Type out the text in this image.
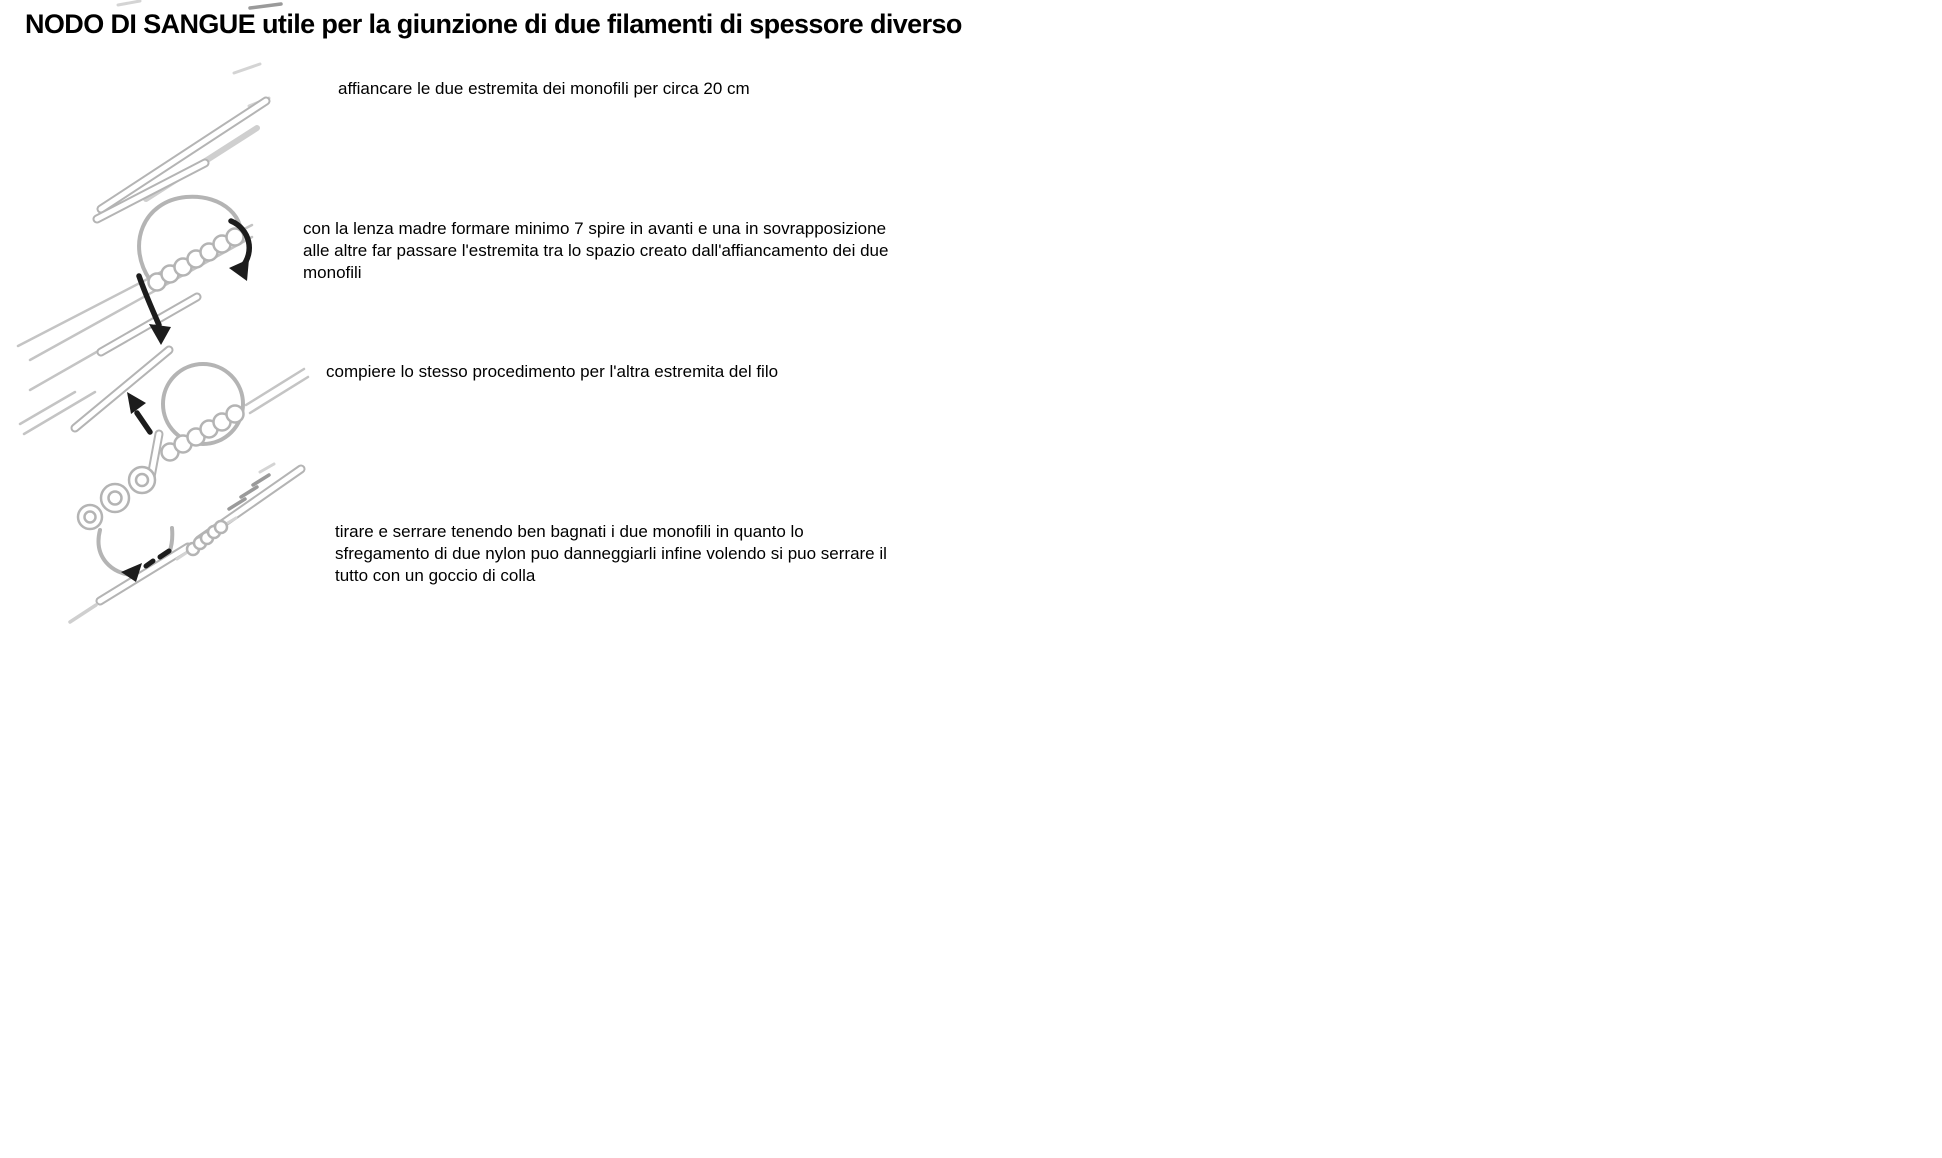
NODO DI SANGUE utile per la giunzione di due filamenti di spessore diverso
affiancare le due estremita dei monofili per circa 20 cm
con la lenza madre formare minimo 7 spire in avanti e una in sovrapposizione
alle altre far passare l'estremita tra lo spazio creato dall'affiancamento dei due
monofili
compiere lo stesso procedimento per l'altra estremita del filo
tirare e serrare tenendo ben bagnati i due monofili in quanto lo
sfregamento di due nylon puo danneggiarli infine volendo si puo serrare il
tutto con un goccio di colla
